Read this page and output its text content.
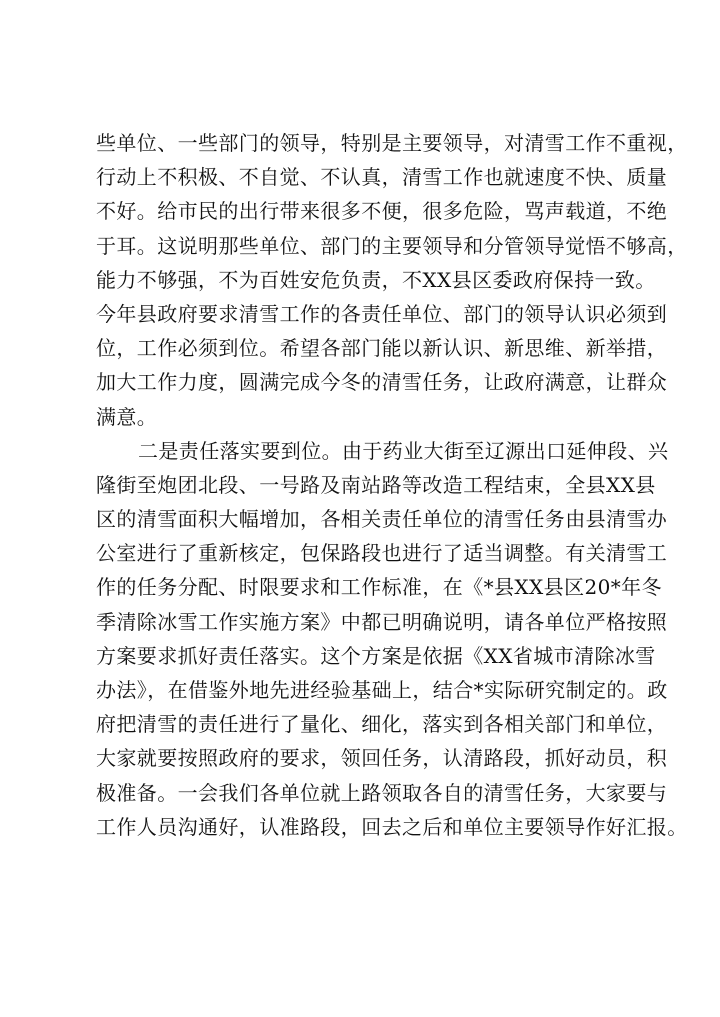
些单位、一些部门的领导，特别是主要领导，对清雪工作不重视，
行动上不积极、不自觉、不认真，清雪工作也就速度不快、质量
不好。给市民的出行带来很多不便，很多危险，骂声载道，不绝
于耳。这说明那些单位、部门的主要领导和分管领导觉悟不够高，
能力不够强，不为百姓安危负责，不XX县区委政府保持一致。
今年县政府要求清雪工作的各责任单位、部门的领导认识必须到
位，工作必须到位。希望各部门能以新认识、新思维、新举措，
加大工作力度，圆满完成今冬的清雪任务，让政府满意，让群众
满意。
二是责任落实要到位。由于药业大街至辽源出口延伸段、兴
隆街至炮团北段、一号路及南站路等改造工程结束，全县XX县
区的清雪面积大幅增加，各相关责任单位的清雪任务由县清雪办
公室进行了重新核定，包保路段也进行了适当调整。有关清雪工
作的任务分配、时限要求和工作标准，在《*县XX县区20*年冬
季清除冰雪工作实施方案》中都已明确说明，请各单位严格按照
方案要求抓好责任落实。这个方案是依据《XX省城市清除冰雪
办法》，在借鉴外地先进经验基础上，结合*实际研究制定的。政
府把清雪的责任进行了量化、细化，落实到各相关部门和单位，
大家就要按照政府的要求，领回任务，认清路段，抓好动员，积
极准备。一会我们各单位就上路领取各自的清雪任务，大家要与
工作人员沟通好，认准路段，回去之后和单位主要领导作好汇报。
